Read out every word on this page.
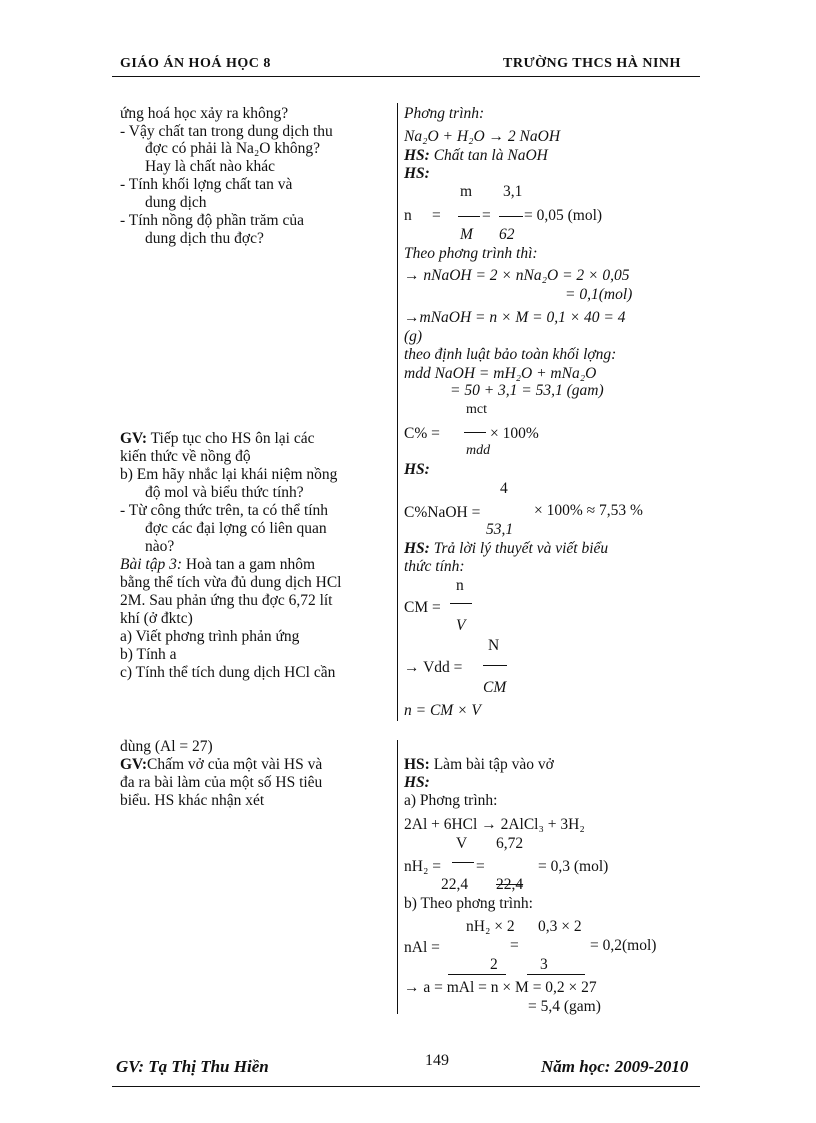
GIÁO ÁN HOÁ HỌC 8	TRƯỜNG THCS HÀ NINH
ứng hoá học xảy ra không?
- Vậy chất tan trong dung dịch thu
đợc có phải là Na₂O không?
Hay là chất nào khác
- Tính khối lợng chất tan và
dung dịch
- Tính nồng độ phần trăm của
dung dịch thu đợc?
GV: Tiếp tục cho HS ôn lại các
kiến thức về nồng độ
b) Em hãy nhắc lại khái niệm nồng
độ mol và biểu thức tính?
- Từ công thức trên, ta có thể tính
đợc các đại lợng có liên quan
nào?
Bài tập 3: Hoà tan a gam nhôm
bằng thể tích vừa đủ dung dịch HCl
2M. Sau phản ứng thu đợc 6,72 lít
khí (ở đktc)
a) Viết phơng trình phản ứng
b) Tính a
c) Tính thể tích dung dịch HCl cần
dùng (Al = 27)
GV:Chấm vở của một vài HS và
đa ra bài làm của một số HS tiêu
biểu. HS khác nhận xét
Phơng trình:
Na₂O + H₂O → 2 NaOH
HS: Chất tan là NaOH
HS:
m 3,1
n =	= = 0,05 (mol)
M 62
Theo phơng trình thì:
→ nNaOH = 2 × nNa₂O = 2 × 0,05
= 0,1(mol)
→mNaOH = n × M = 0,1 × 40 = 4
(g)
theo định luật bảo toàn khối lợng:
mdd NaOH = mH₂O + mNa₂O
= 50 + 3,1 = 53,1 (gam)
mct
C% =	× 100%
mdd
HS:
4
C%NaOH =	× 100% ≈ 7,53 %
53,1
HS: Trả lời lý thuyết và viết biểu
thức tính:
n
CM =
V
N
→ Vdd =
CM
n = CM × V
HS: Làm bài tập vào vở
HS:
a) Phơng trình:
2Al + 6HCl → 2AlCl₃ + 3H₂
V 6,72
nH₂ = =	= 0,3 (mol)
22,4 22,4
b) Theo phơng trình:
nH₂ × 2 0,3 × 2
nAl =	=	= 0,2(mol)
2	3
→ a = mAl = n × M = 0,2 × 27
= 5,4 (gam)
GV: Tạ Thị Thu Hiền	149	Năm học: 2009-2010
